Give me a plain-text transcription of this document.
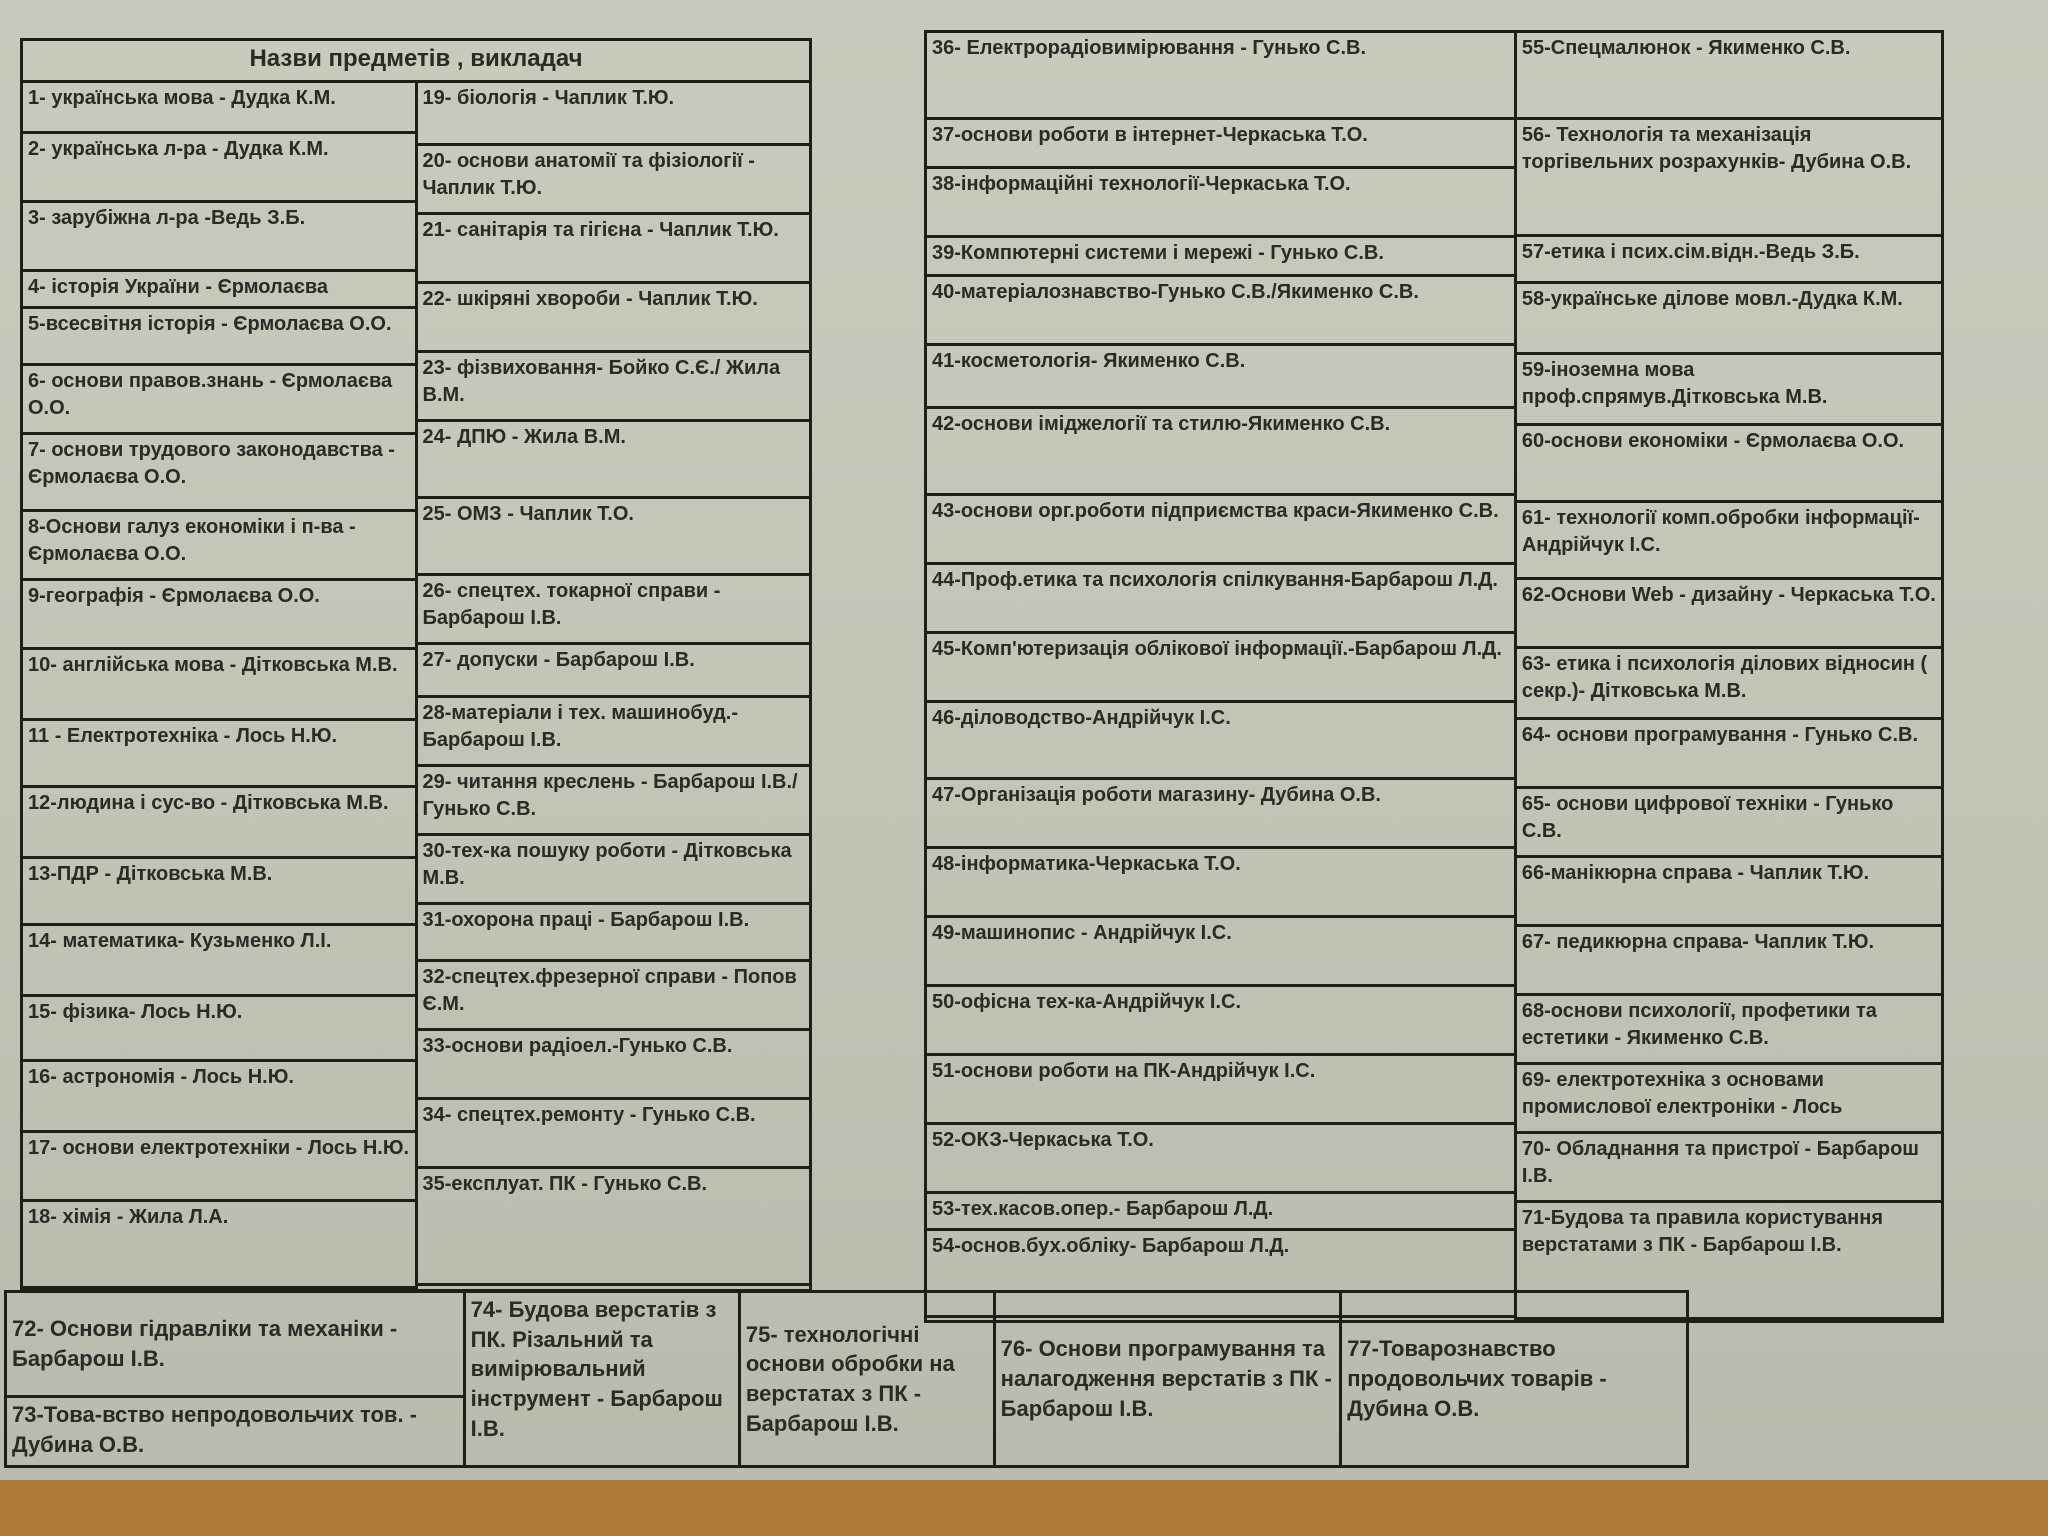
Назви предметів , викладач

1- українська мова - Дудка К.М.
2- українська л-ра - Дудка К.М.
3- зарубіжна л-ра -Ведь З.Б.
4- історія України - Єрмолаєва
5-всесвітня історія - Єрмолаєва О.О.
6- основи правов.знань - Єрмолаєва О.О.
7- основи трудового законодавства - Єрмолаєва О.О.
8-Основи галуз економіки і п-ва - Єрмолаєва О.О.
9-географія - Єрмолаєва О.О.
10- англійська мова - Дітковська М.В.
11 - Електротехніка - Лось Н.Ю.
12-людина і сус-во - Дітковська М.В.
13-ПДР - Дітковська М.В.
14- математика- Кузьменко Л.І.
15- фізика- Лось Н.Ю.
16- астрономія - Лось Н.Ю.
17- основи електротехніки - Лось Н.Ю.
18- хімія - Жила Л.А.

19- біологія - Чаплик Т.Ю.
20- основи анатомії та фізіології - Чаплик Т.Ю.
21- санітарія та гігієна - Чаплик Т.Ю.
22- шкіряні хвороби - Чаплик Т.Ю.
23- фізвиховання- Бойко С.Є./ Жила В.М.
24- ДПЮ - Жила В.М.
25- ОМЗ - Чаплик Т.О.
26- спецтех. токарної справи - Барбарош І.В.
27- допуски - Барбарош І.В.
28-матеріали і тех. машинобуд.-Барбарош І.В.
29- читання креслень - Барбарош І.В./ Гунько С.В.
30-тех-ка пошуку роботи - Дітковська М.В.
31-охорона праці - Барбарош І.В.
32-спецтех.фрезерної справи - Попов Є.М.
33-основи радіоел.-Гунько С.В.
34- спецтех.ремонту - Гунько С.В.
35-експлуат. ПК - Гунько С.В.
36- Електрорадіовимірювання - Гунько С.В.
37-основи роботи в інтернет-Черкаська Т.О.
38-інформаційні технології-Черкаська Т.О.
39-Компютерні системи і мережі - Гунько С.В.
40-матеріалознавство-Гунько С.В./Якименко С.В.
41-косметологія- Якименко С.В.
42-основи іміджелогії та стилю-Якименко С.В.
43-основи орг.роботи підприємства краси-Якименко С.В.
44-Проф.етика та психологія спілкування-Барбарош Л.Д.
45-Комп'ютеризація облікової інформації.-Барбарош Л.Д.
46-діловодство-Андрійчук І.С.
47-Організація роботи магазину- Дубина О.В.
48-інформатика-Черкаська Т.О.
49-машинопис - Андрійчук І.С.
50-офісна тех-ка-Андрійчук І.С.
51-основи роботи на ПК-Андрійчук І.С.
52-ОКЗ-Черкаська Т.О.
53-тех.касов.опер.- Барбарош Л.Д.
54-основ.бух.обліку- Барбарош Л.Д.

55-Спецмалюнок - Якименко С.В.
56- Технологія та механізація торгівельних розрахунків- Дубина О.В.
57-етика і псих.сім.відн.-Ведь З.Б.
58-українське ділове мовл.-Дудка К.М.
59-іноземна мова проф.спрямув.Дітковська М.В.
60-основи економіки - Єрмолаєва О.О.
61- технології комп.обробки інформації- Андрійчук І.С.
62-Основи Web - дизайну - Черкаська Т.О.
63- етика і психологія ділових відносин ( секр.)- Дітковська М.В.
64- основи програмування - Гунько С.В.
65- основи цифрової техніки - Гунько С.В.
66-манікюрна справа - Чаплик Т.Ю.
67- педикюрна справа- Чаплик Т.Ю.
68-основи психології, профетики та естетики - Якименко С.В.
69- електротехніка з основами промислової електроніки - Лось
70- Обладнання та пристрої - Барбарош І.В.
71-Будова та правила користування верстатами з ПК - Барбарош І.В.
72- Основи гідравліки та механіки - Барбарош І.В.	74- Будова верстатів з ПК. Різальний та вимірювальний інструмент - Барбарош І.В.	75- технологічні основи обробки на верстатах з ПК - Барбарош І.В.	76- Основи програмування та налагодження верстатів з ПК - Барбарош І.В.	77-Товарознавство продовольчих товарів - Дубина О.В.	
73-Това-вство непродовольчих тов. - Дубина О.В.
